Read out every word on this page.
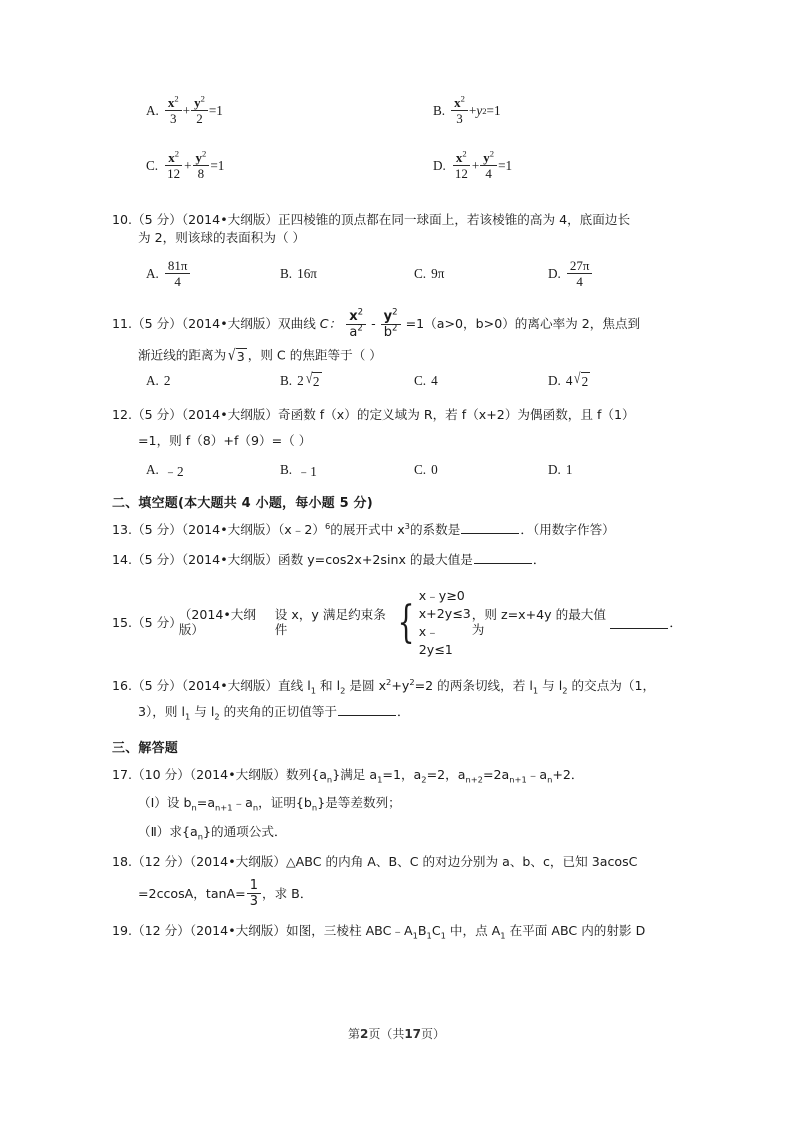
A. $\frac{x^2}{3} + \frac{y^2}{2} =1$	B. $\frac{x^2}{3} + y$ 2 =1
C. $\frac{x^2}{12} + \frac{y^2}{8} =1$	D. $\frac{x^2}{12} + \frac{y^2}{4} =1$

10.（5 分）（2014•大纲版）正四棱锥的顶点都在同一球面上，若该棱锥的高为 4，底面边长

为 2，则该球的表面积为（ ）

A. $\frac{81\pi}{4}$	B. 16π	C. 9π	D. $\frac{27\pi}{4}$

11.（5 分）（2014•大纲版）双曲线 C： $\frac{x^2}{a^2} - \frac{y^2}{b^2} =1(a>0$，b>0）的离心率为 2，焦点到

渐近线的距离为 √ 3 ，则 C 的焦距等于（ ）

A. 2	B. 2 √ 2	C. 4	D. 4 √ 2

12.（5 分）（2014•大纲版）奇函数 f（x）的定义域为 R，若 f（x+2）为偶函数，且 f（1）

=1，则 f（8）+f（9）=（ ）

A. ﹣2	B. ﹣1	C. 0	D. 1
二、填空题(本大题共 4 小题，每小题 5 分)

13.（5 分）（2014•大纲版）（x﹣2）$^6$的展开式中 $x^3$的系数是	．（用数字作答）

14.（5 分）（2014•大纲版）函数 y=cos2x+2sinx 的最大值是	．

15. （5 分）
（2014•大纲版）
设 x，y 满足约束条件	{
x﹣y≥0
x+2y≤3
x﹣2y≤1
，则 z=x+4y 的最大值为	．

16.（5 分）（2014•大纲版）直线 $l_1$ 和 $l_2$ 是圆 $x^2+y^2=2$ 的两条切线，若 $l_1$ 与 $l_2$ 的交点为（1，

3），则 $l_1$ 与 $l_2$ 的夹角的正切值等于	．

三、解答题

17.（10 分）（2014•大纲版）数列$\{a_n\}$满足 $a_1=1$，$a_2=2$，$a_{n+2}=2a_{n+1}﹣a_n+2$．

（Ⅰ）设 $b_n=a_{n+1}﹣a_n$，证明$\{b_n\}$是等差数列；

（Ⅱ）求$\{a_n\}$的通项公式．

18.（12 分）（2014•大纲版）△ABC 的内角 A、B、C 的对边分别为 a、b、c，已知 3acosC

=2ccosA，$\tan A= \frac{1}{3}$ ，求 B．

19.（12 分）（2014•大纲版）如图，三棱柱 $ABC﹣A_1B_1C_1$ 中，点 $A_1$ 在平面 ABC 内的射影 D

第2页（共17页）
